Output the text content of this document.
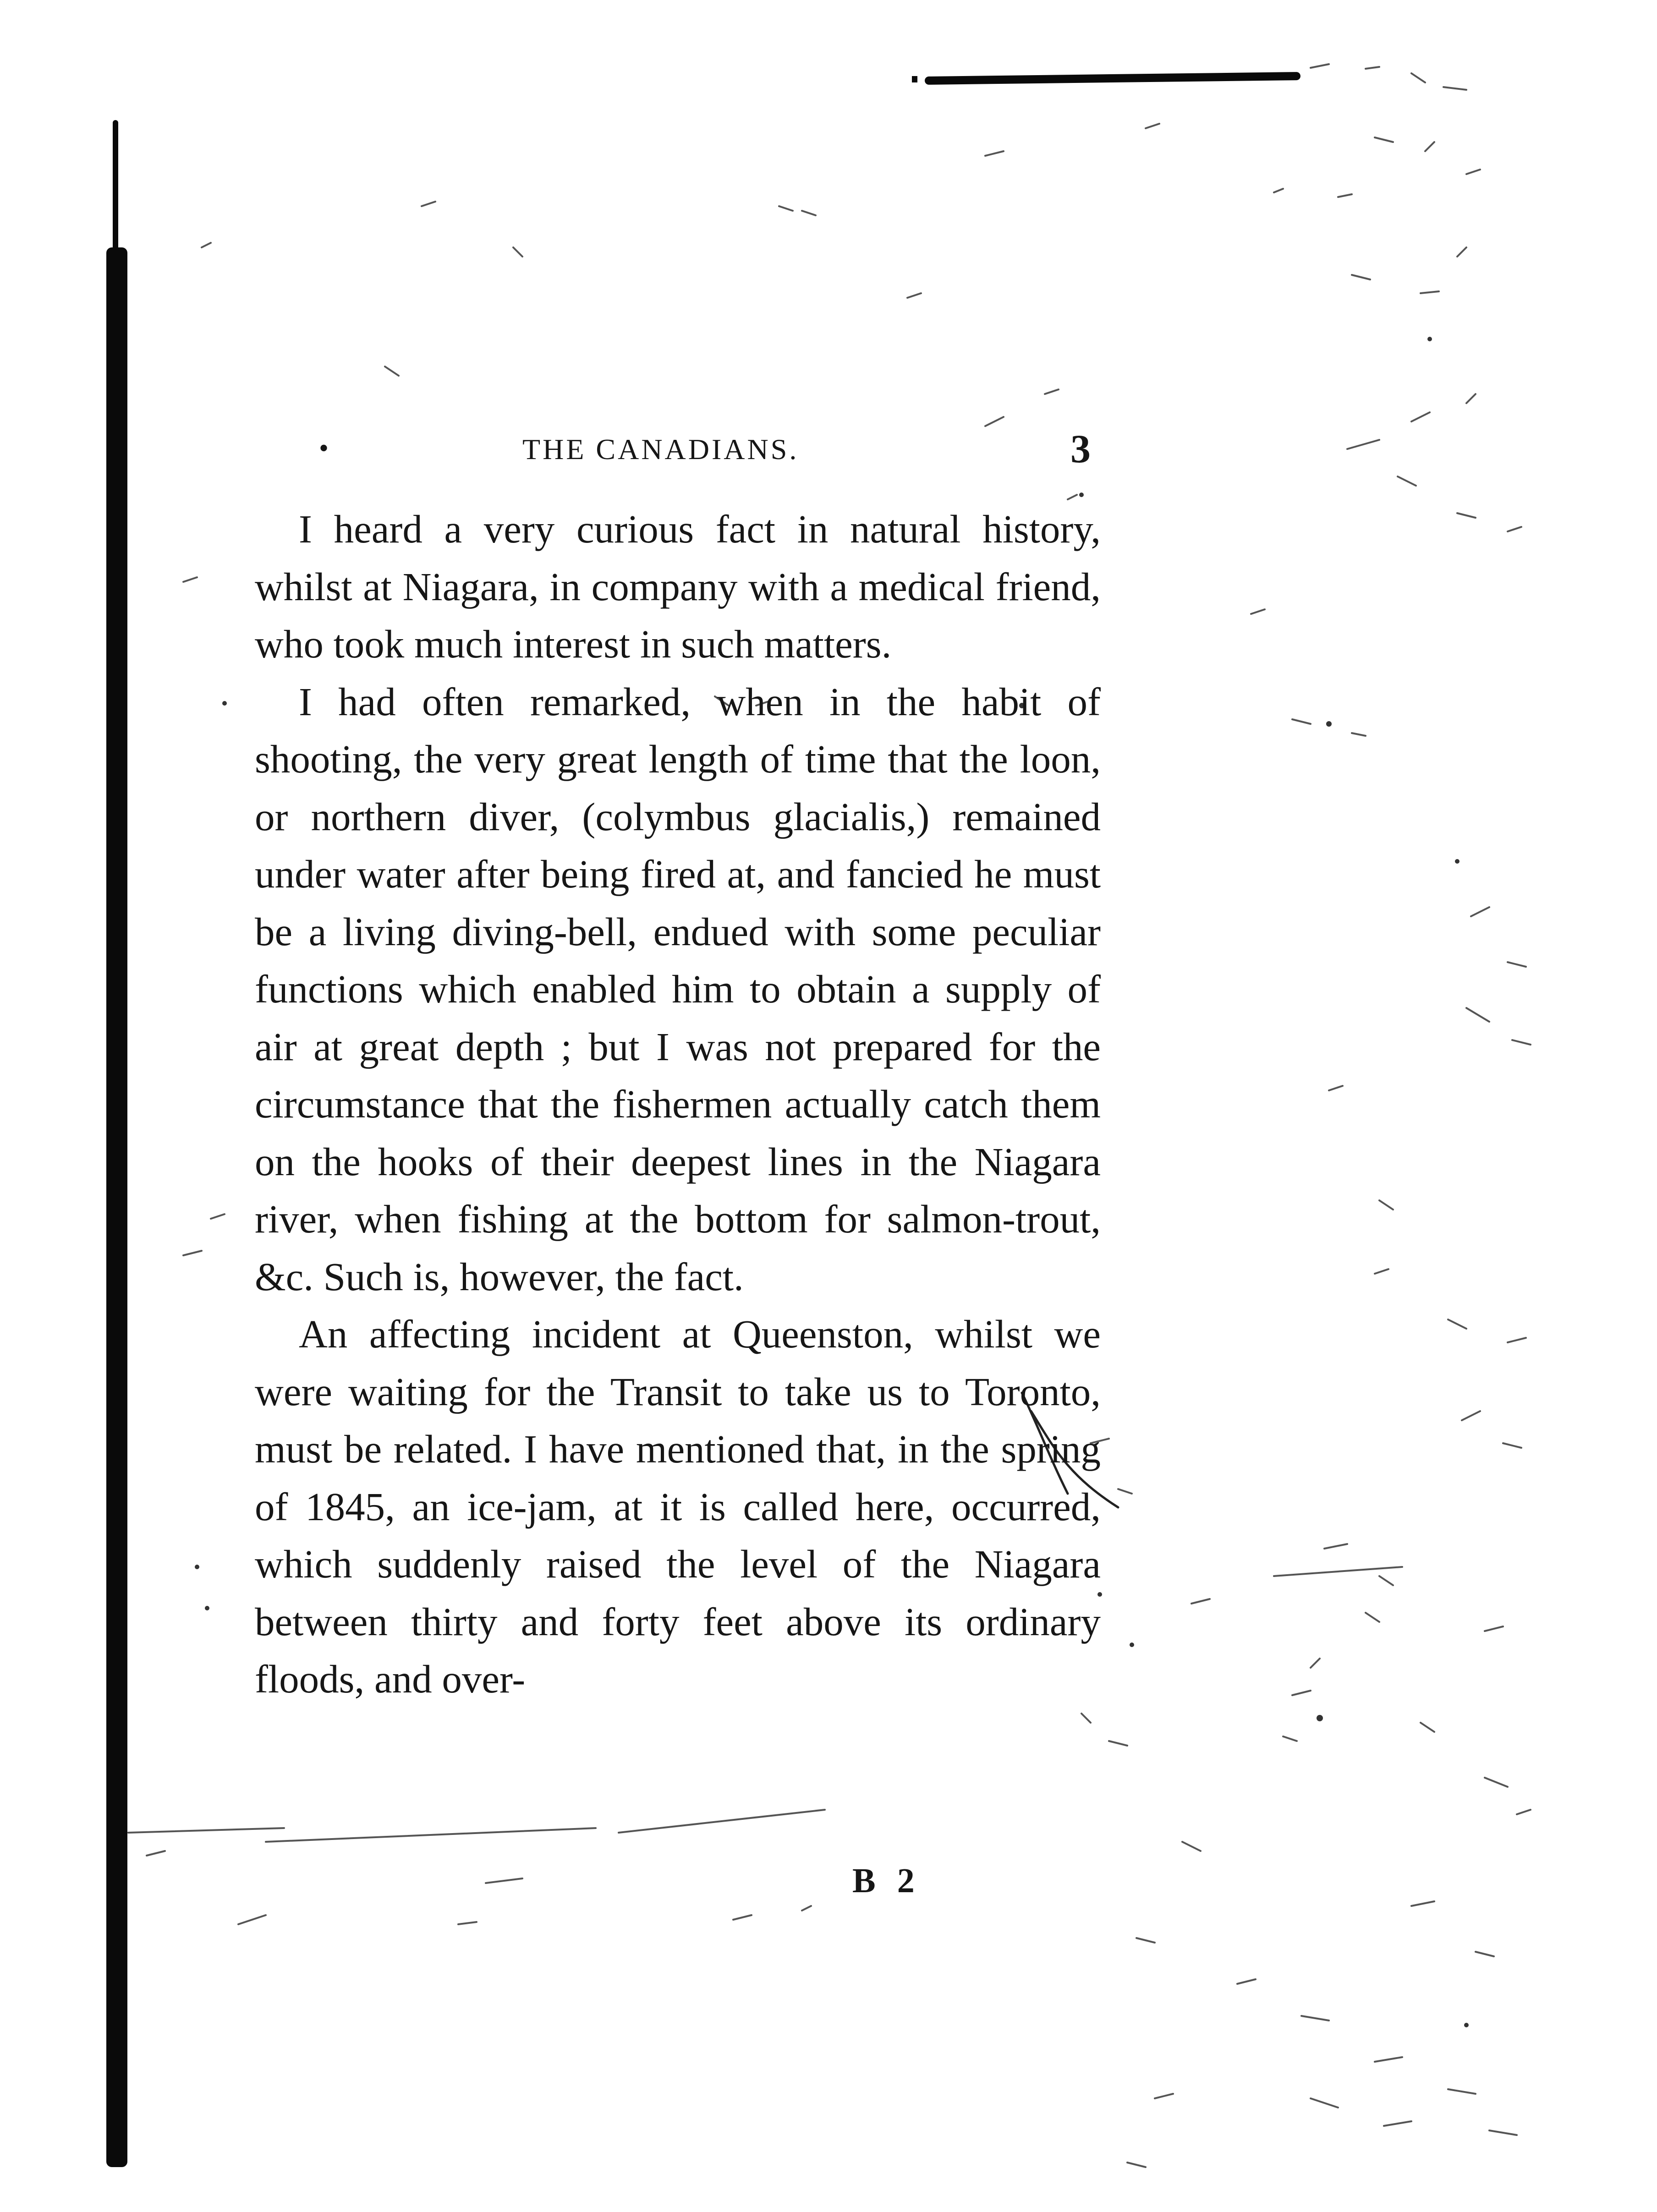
•	THE CANADIANS.	3

I heard a very curious fact in natural history, whilst at Niagara, in company with a medical friend, who took much interest in such matters.

I had often remarked, when in the habit of shooting, the very great length of time that the loon, or northern diver, (colymbus glacialis,) remained under water after being fired at, and fancied he must be a living diving-bell, endued with some peculiar functions which enabled him to obtain a supply of air at great depth ; but I was not prepared for the circumstance that the fishermen actually catch them on the hooks of their deepest lines in the Niagara river, when fishing at the bottom for salmon-trout, &c. Such is, however, the fact.

An affecting incident at Queenston, whilst we were waiting for the Transit to take us to Toronto, must be related. I have mentioned that, in the spring of 1845, an ice-jam, at it is called here, occurred, which suddenly raised the level of the Niagara between thirty and forty feet above its ordinary floods, and over-

B 2
